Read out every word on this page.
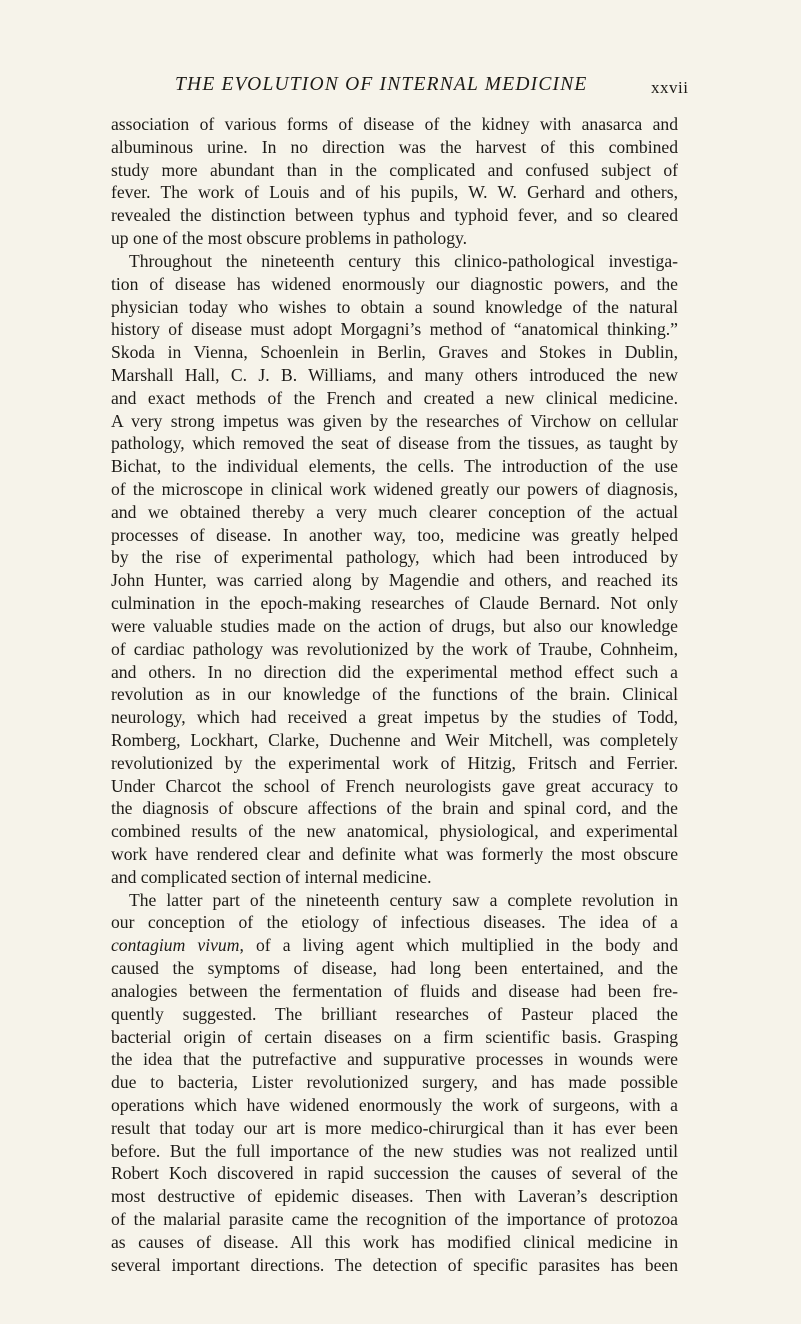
THE EVOLUTION OF INTERNAL MEDICINE	xxvii
association of various forms of disease of the kidney with anasarca and
albuminous urine. In no direction was the harvest of this combined
study more abundant than in the complicated and confused subject of
fever. The work of Louis and of his pupils, W. W. Gerhard and others,
revealed the distinction between typhus and typhoid fever, and so cleared
up one of the most obscure problems in pathology.
Throughout the nineteenth century this clinico-pathological investiga-
tion of disease has widened enormously our diagnostic powers, and the
physician today who wishes to obtain a sound knowledge of the natural
history of disease must adopt Morgagni’s method of “anatomical thinking.”
Skoda in Vienna, Schoenlein in Berlin, Graves and Stokes in Dublin,
Marshall Hall, C. J. B. Williams, and many others introduced the new
and exact methods of the French and created a new clinical medicine.
A very strong impetus was given by the researches of Virchow on cellular
pathology, which removed the seat of disease from the tissues, as taught by
Bichat, to the individual elements, the cells. The introduction of the use
of the microscope in clinical work widened greatly our powers of diagnosis,
and we obtained thereby a very much clearer conception of the actual
processes of disease. In another way, too, medicine was greatly helped
by the rise of experimental pathology, which had been introduced by
John Hunter, was carried along by Magendie and others, and reached its
culmination in the epoch-making researches of Claude Bernard. Not only
were valuable studies made on the action of drugs, but also our knowledge
of cardiac pathology was revolutionized by the work of Traube, Cohnheim,
and others. In no direction did the experimental method effect such a
revolution as in our knowledge of the functions of the brain. Clinical
neurology, which had received a great impetus by the studies of Todd,
Romberg, Lockhart, Clarke, Duchenne and Weir Mitchell, was completely
revolutionized by the experimental work of Hitzig, Fritsch and Ferrier.
Under Charcot the school of French neurologists gave great accuracy to
the diagnosis of obscure affections of the brain and spinal cord, and the
combined results of the new anatomical, physiological, and experimental
work have rendered clear and definite what was formerly the most obscure
and complicated section of internal medicine.
The latter part of the nineteenth century saw a complete revolution in
our conception of the etiology of infectious diseases. The idea of a
contagium vivum, of a living agent which multiplied in the body and
caused the symptoms of disease, had long been entertained, and the
analogies between the fermentation of fluids and disease had been fre-
quently suggested. The brilliant researches of Pasteur placed the
bacterial origin of certain diseases on a firm scientific basis. Grasping
the idea that the putrefactive and suppurative processes in wounds were
due to bacteria, Lister revolutionized surgery, and has made possible
operations which have widened enormously the work of surgeons, with a
result that today our art is more medico-chirurgical than it has ever been
before. But the full importance of the new studies was not realized until
Robert Koch discovered in rapid succession the causes of several of the
most destructive of epidemic diseases. Then with Laveran’s description
of the malarial parasite came the recognition of the importance of protozoa
as causes of disease. All this work has modified clinical medicine in
several important directions. The detection of specific parasites has been
